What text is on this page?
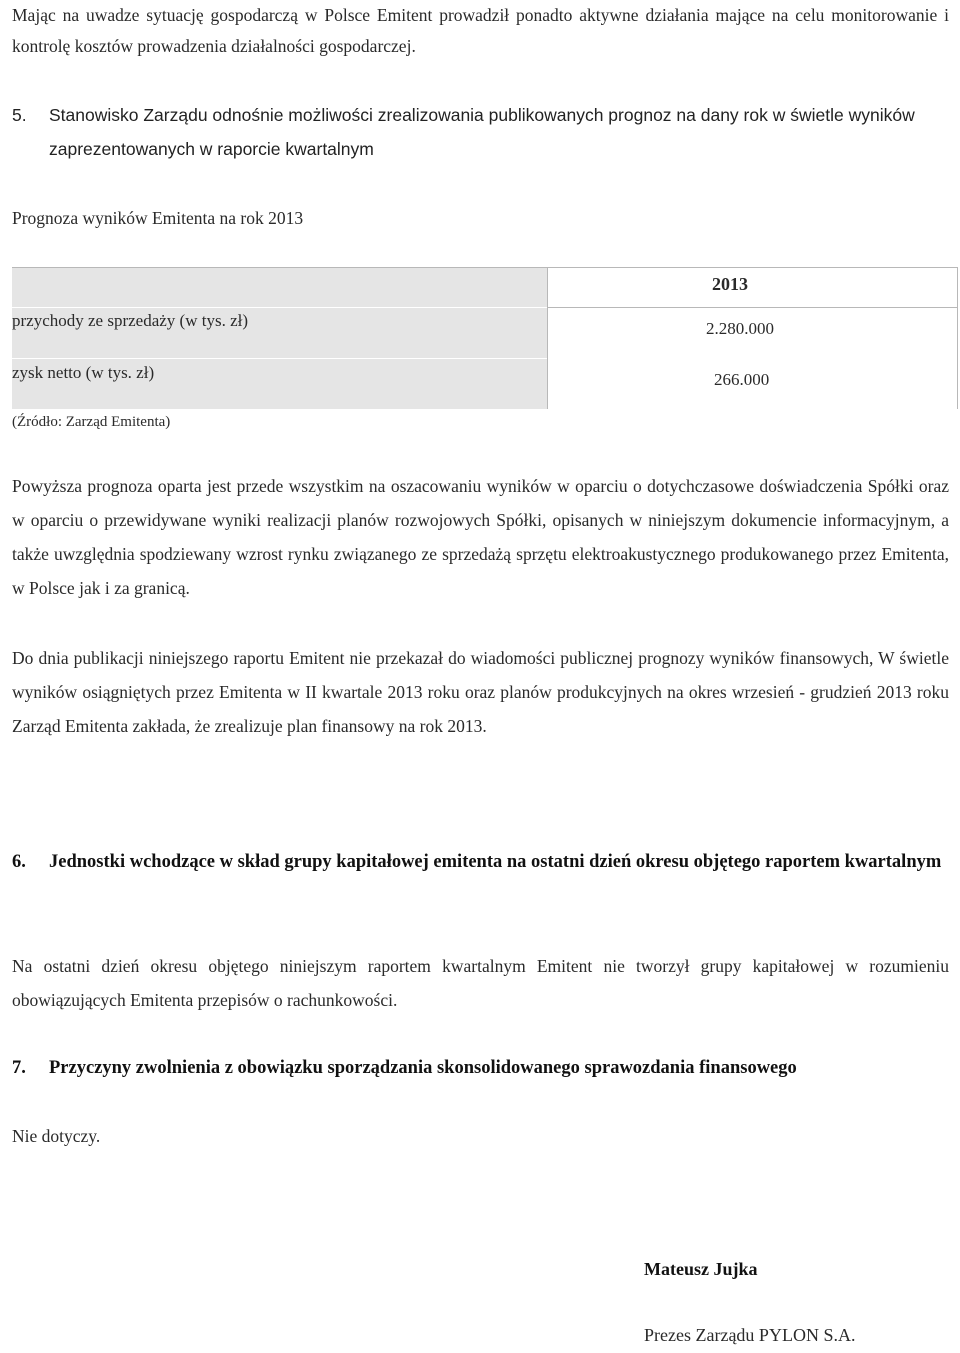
Mając na uwadze sytuację gospodarczą w Polsce Emitent prowadził ponadto aktywne działania mające na celu monitorowanie i kontrolę kosztów prowadzenia działalności gospodarczej.
5. Stanowisko Zarządu odnośnie możliwości zrealizowania publikowanych prognoz na dany rok w świetle wyników zaprezentowanych w raporcie kwartalnym
Prognoza wyników Emitenta na rok 2013
2013
przychody ze sprzedaży (w tys. zł)	2.280.000
zysk netto (w tys. zł)	266.000
(Źródło: Zarząd Emitenta)
Powyższa prognoza oparta jest przede wszystkim na oszacowaniu wyników w oparciu o dotychczasowe doświadczenia Spółki oraz w oparciu o przewidywane wyniki realizacji planów rozwojowych Spółki, opisanych w niniejszym dokumencie informacyjnym, a także uwzględnia spodziewany wzrost rynku związanego ze sprzedażą sprzętu elektroakustycznego produkowanego przez Emitenta, w Polsce jak i za granicą.
Do dnia publikacji niniejszego raportu Emitent nie przekazał do wiadomości publicznej prognozy wyników finansowych, W świetle wyników osiągniętych przez Emitenta w II kwartale 2013 roku oraz planów produkcyjnych na okres wrzesień - grudzień 2013 roku Zarząd Emitenta zakłada, że zrealizuje plan finansowy na rok 2013.
6. Jednostki wchodzące w skład grupy kapitałowej emitenta na ostatni dzień okresu objętego raportem kwartalnym
Na ostatni dzień okresu objętego niniejszym raportem kwartalnym Emitent nie tworzył grupy kapitałowej w rozumieniu obowiązujących Emitenta przepisów o rachunkowości.
7. Przyczyny zwolnienia z obowiązku sporządzania skonsolidowanego sprawozdania finansowego
Nie dotyczy.
Mateusz Jujka
Prezes Zarządu PYLON S.A.
